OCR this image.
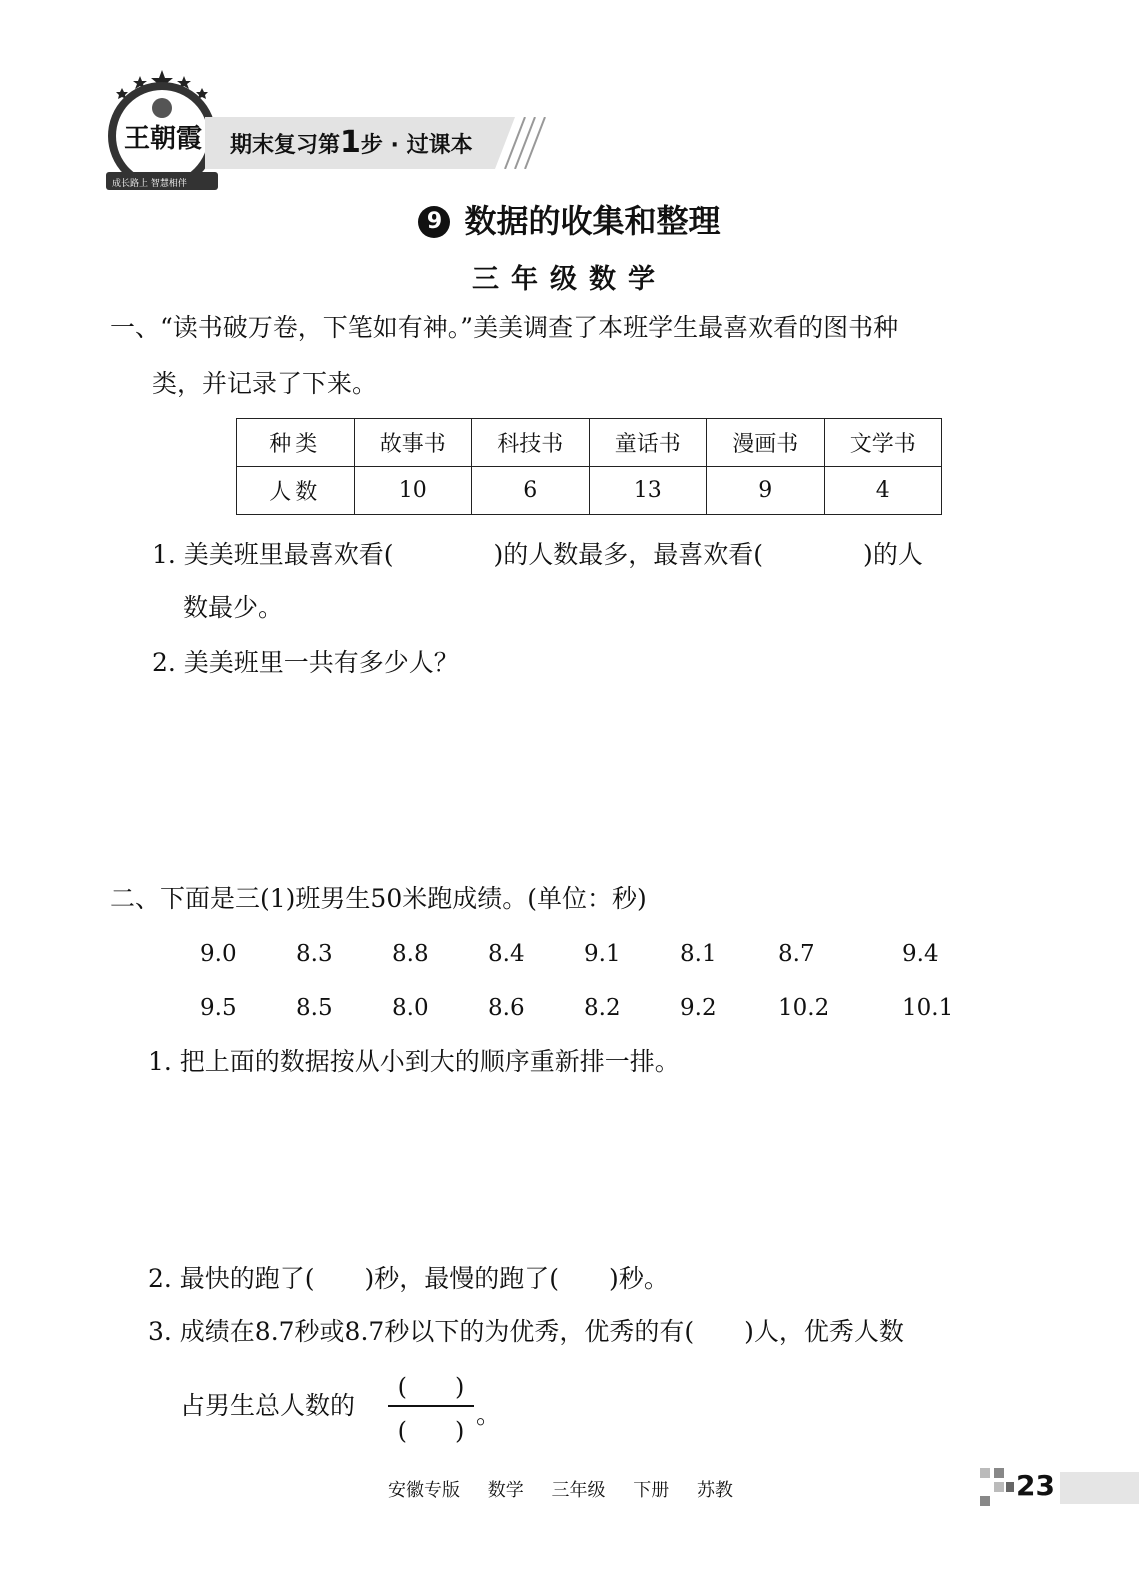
王朝霞
成长路上 智慧相伴
期末复习第1步 · 过课本
9 数据的收集和整理
三年级数学
一、“读书破万卷，下笔如有神。”美美调查了本班学生最喜欢看的图书种
类，并记录了下来。
种类	故事书	科技书	童话书	漫画书	文学书
人数	10	6	13	9	4
1. 美美班里最喜欢看(　　　　)的人数最多，最喜欢看(　　　　)的人
数最少。
2. 美美班里一共有多少人？
二、下面是三(1)班男生50米跑成绩。(单位：秒)
9.0	8.3	8.8	8.4	9.1	8.1	8.7	9.4
9.5	8.5	8.0	8.6	8.2	9.2	10.2	10.1
1. 把上面的数据按从小到大的顺序重新排一排。
2. 最快的跑了(　　)秒，最慢的跑了(　　)秒。
3. 成绩在8.7秒或8.7秒以下的为优秀，优秀的有(　　)人，优秀人数
占男生总人数的
(　　)
(　　)
。
安徽专版 数学 三年级 下册 苏教	23
